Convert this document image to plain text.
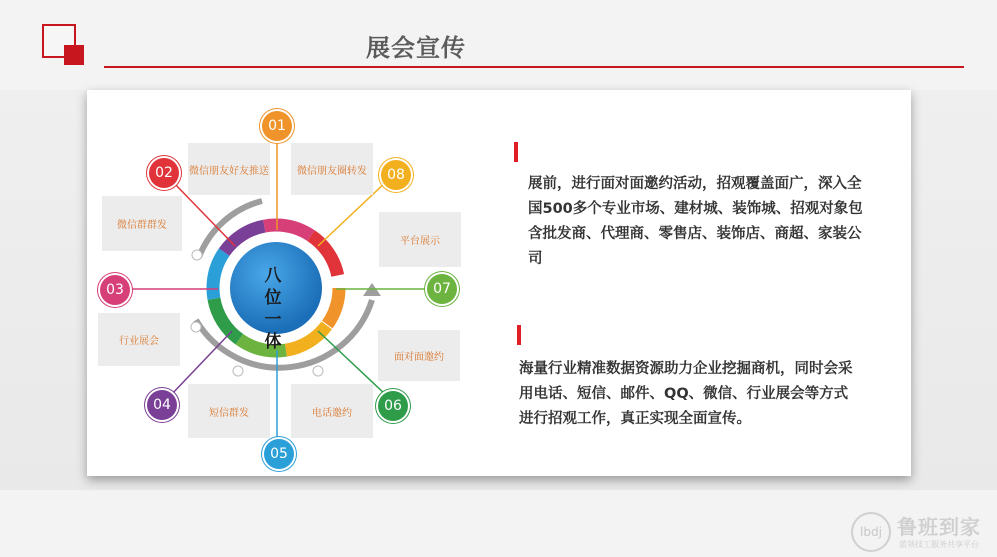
展会宣传
微信朋友好友推送	微信朋友圈转发
微信群群发
平台展示
行业展会
面对面邀约
短信群发	电话邀约
八 位
一 体
01
02
03
04
05
06
07
08
展前，进行面对面邀约活动，招观覆盖面广，深入全国500多个专业市场、建材城、装饰城、招观对象包含批发商、代理商、零售店、装饰店、商超、家装公司
海量行业精准数据资源助力企业挖掘商机，同时会采用电话、短信、邮件、QQ、微信、行业展会等方式进行招观工作，真正实现全面宣传。
lbdj 鲁班到家
蓝领技工服务共享平台
